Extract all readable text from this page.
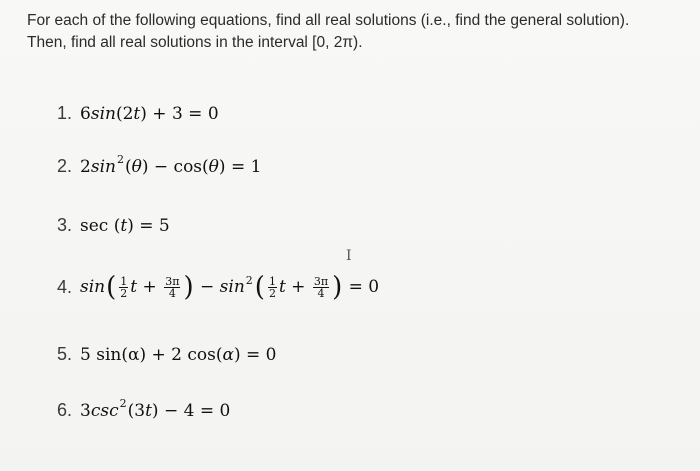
For each of the following equations, find all real solutions (i.e., find the general solution).
Then, find all real solutions in the interval [0, 2π).
1. 6 sin (2 t ) + 3 = 0
2. 2 $\sin^2$ ( θ ) − cos( θ ) = 1
3. sec ( t ) = 5
I
4. sin ( $\frac{1}{2}$ $t + \frac{3\pi}{4}$ ) − $\sin^2$ ( $\frac{1}{2}$ $t + \frac{3\pi}{4}$ ) = 0
5. 5 sin(α) + 2 cos( α ) = 0
6. 3 $\csc^2 (3$ t ) − 4 = 0
